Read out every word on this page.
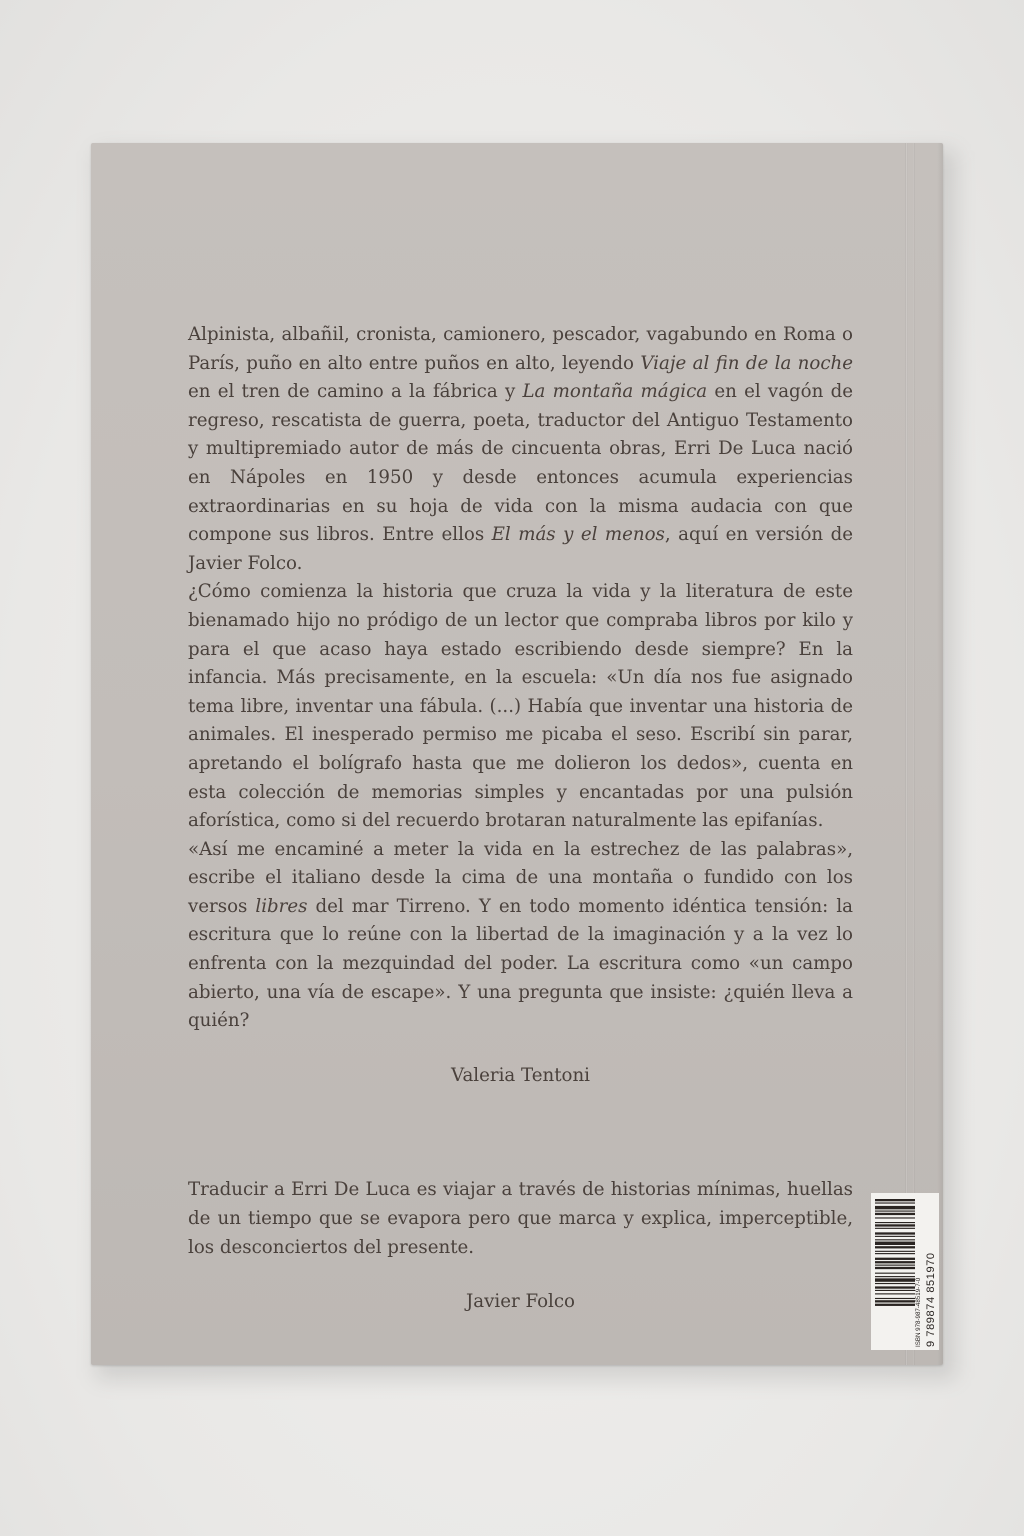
Alpinista, albañil, cronista, camionero, pescador, vagabundo en Roma o París, puño en alto entre puños en alto, leyendo Viaje al fin de la noche en el tren de camino a la fábrica y La montaña mágica en el vagón de regreso, rescatista de guerra, poeta, traductor del Antiguo Testamento y multipremiado autor de más de cincuenta obras, Erri De Luca nació en Nápoles en 1950 y desde entonces acumula experiencias extraordinarias en su hoja de vida con la misma audacia con que compone sus libros. Entre ellos El más y el menos, aquí en versión de Javier Folco.

¿Cómo comienza la historia que cruza la vida y la literatura de este bienamado hijo no pródigo de un lector que compraba libros por kilo y para el que acaso haya estado escribiendo desde siempre? En la infancia. Más precisamente, en la escuela: «Un día nos fue asignado tema libre, inventar una fábula. (...) Había que inventar una historia de animales. El inesperado permiso me picaba el seso. Escribí sin parar, apretando el bolígrafo hasta que me dolieron los dedos», cuenta en esta colección de memorias simples y encantadas por una pulsión aforística, como si del recuerdo brotaran naturalmente las epifanías.

«Así me encaminé a meter la vida en la estrechez de las palabras», escribe el italiano desde la cima de una montaña o fundido con los versos libres del mar Tirreno. Y en todo momento idéntica tensión: la escritura que lo reúne con la libertad de la imaginación y a la vez lo enfrenta con la mezquindad del poder. La escritura como «un campo abierto, una vía de escape». Y una pregunta que insiste: ¿quién lleva a quién?

Valeria Tentoni

Traducir a Erri De Luca es viajar a través de historias mínimas, huellas de un tiempo que se evapora pero que marca y explica, imperceptible, los desconciertos del presente.

Javier Folco	ISBN 978-987-48519-7-0 9 789874 851970
